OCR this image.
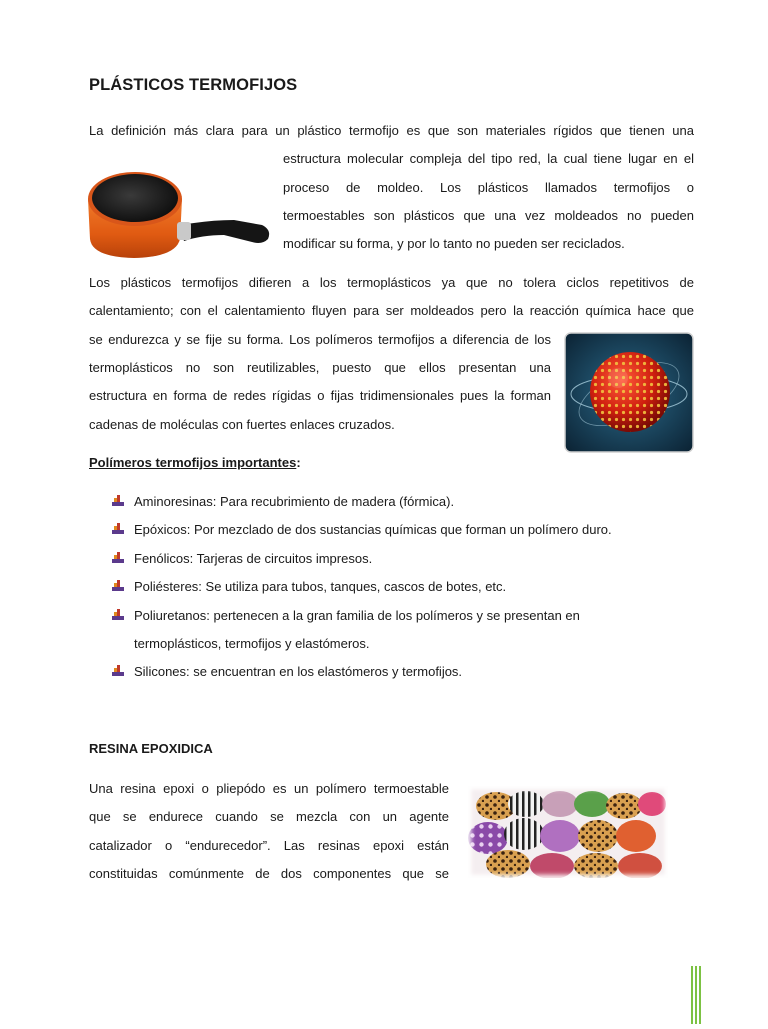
PLÁSTICOS TERMOFIJOS
La definición más clara para un plástico termofijo es que son materiales rígidos que tienen una
estructura molecular compleja del tipo red, la cual tiene lugar en el
proceso de moldeo. Los plásticos llamados termofijos o
termoestables son plásticos que una vez moldeados no pueden
modificar su forma, y por lo tanto no pueden ser reciclados.
Los plásticos termofijos difieren a los termoplásticos ya que no tolera ciclos repetitivos de
calentamiento; con el calentamiento fluyen para ser moldeados pero la reacción química hace que
se endurezca y se fije su forma. Los polímeros termofijos a diferencia de los
termoplásticos no son reutilizables, puesto que ellos presentan una
estructura en forma de redes rígidas o fijas tridimensionales pues la forman
cadenas de moléculas con fuertes enlaces cruzados.
Polímeros termofijos importantes:
Aminoresinas: Para recubrimiento de madera (fórmica).
Epóxicos: Por mezclado de dos sustancias químicas que forman un polímero duro.
Fenólicos: Tarjeras de circuitos impresos.
Poliésteres: Se utiliza para tubos, tanques, cascos de botes, etc.
Poliuretanos: pertenecen a la gran familia de los polímeros y se presentan en
termoplásticos, termofijos y elastómeros.
Silicones: se encuentran en los elastómeros y termofijos.
RESINA EPOXIDICA
Una resina epoxi o pliepódo es un polímero termoestable
que se endurece cuando se mezcla con un agente
catalizador o “endurecedor”. Las resinas epoxi están
constituidas comúnmente de dos componentes que se
